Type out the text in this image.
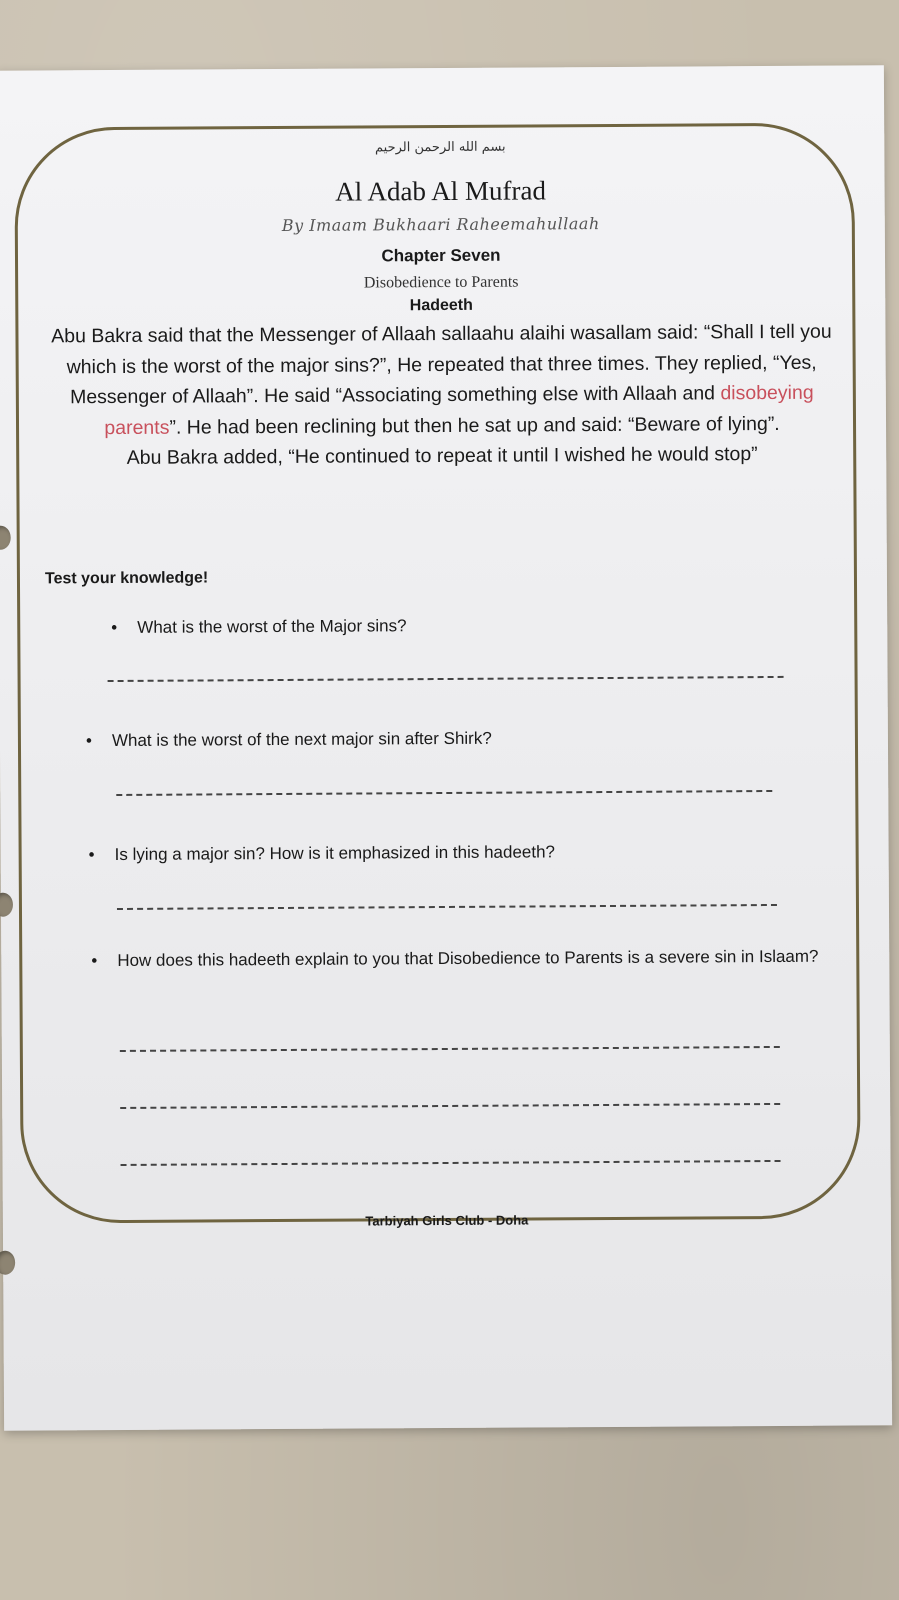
بسم الله الرحمن الرحيم
Al Adab Al Mufrad
By Imaam Bukhaari Raheemahullaah
Chapter Seven
Disobedience to Parents
Hadeeth
Abu Bakra said that the Messenger of Allaah sallaahu alaihi wasallam said: “Shall I tell you which is the worst of the major sins?”, He repeated that three times. They replied, “Yes, Messenger of Allaah”. He said “Associating something else with Allaah and disobeying parents”. He had been reclining but then he sat up and said: “Beware of lying”.
Abu Bakra added, “He continued to repeat it until I wished he would stop”
Test your knowledge!
• What is the worst of the Major sins?
• What is the worst of the next major sin after Shirk?
• Is lying a major sin? How is it emphasized in this hadeeth?
• How does this hadeeth explain to you that Disobedience to Parents is a severe sin in Islaam?
Tarbiyah Girls Club - Doha
